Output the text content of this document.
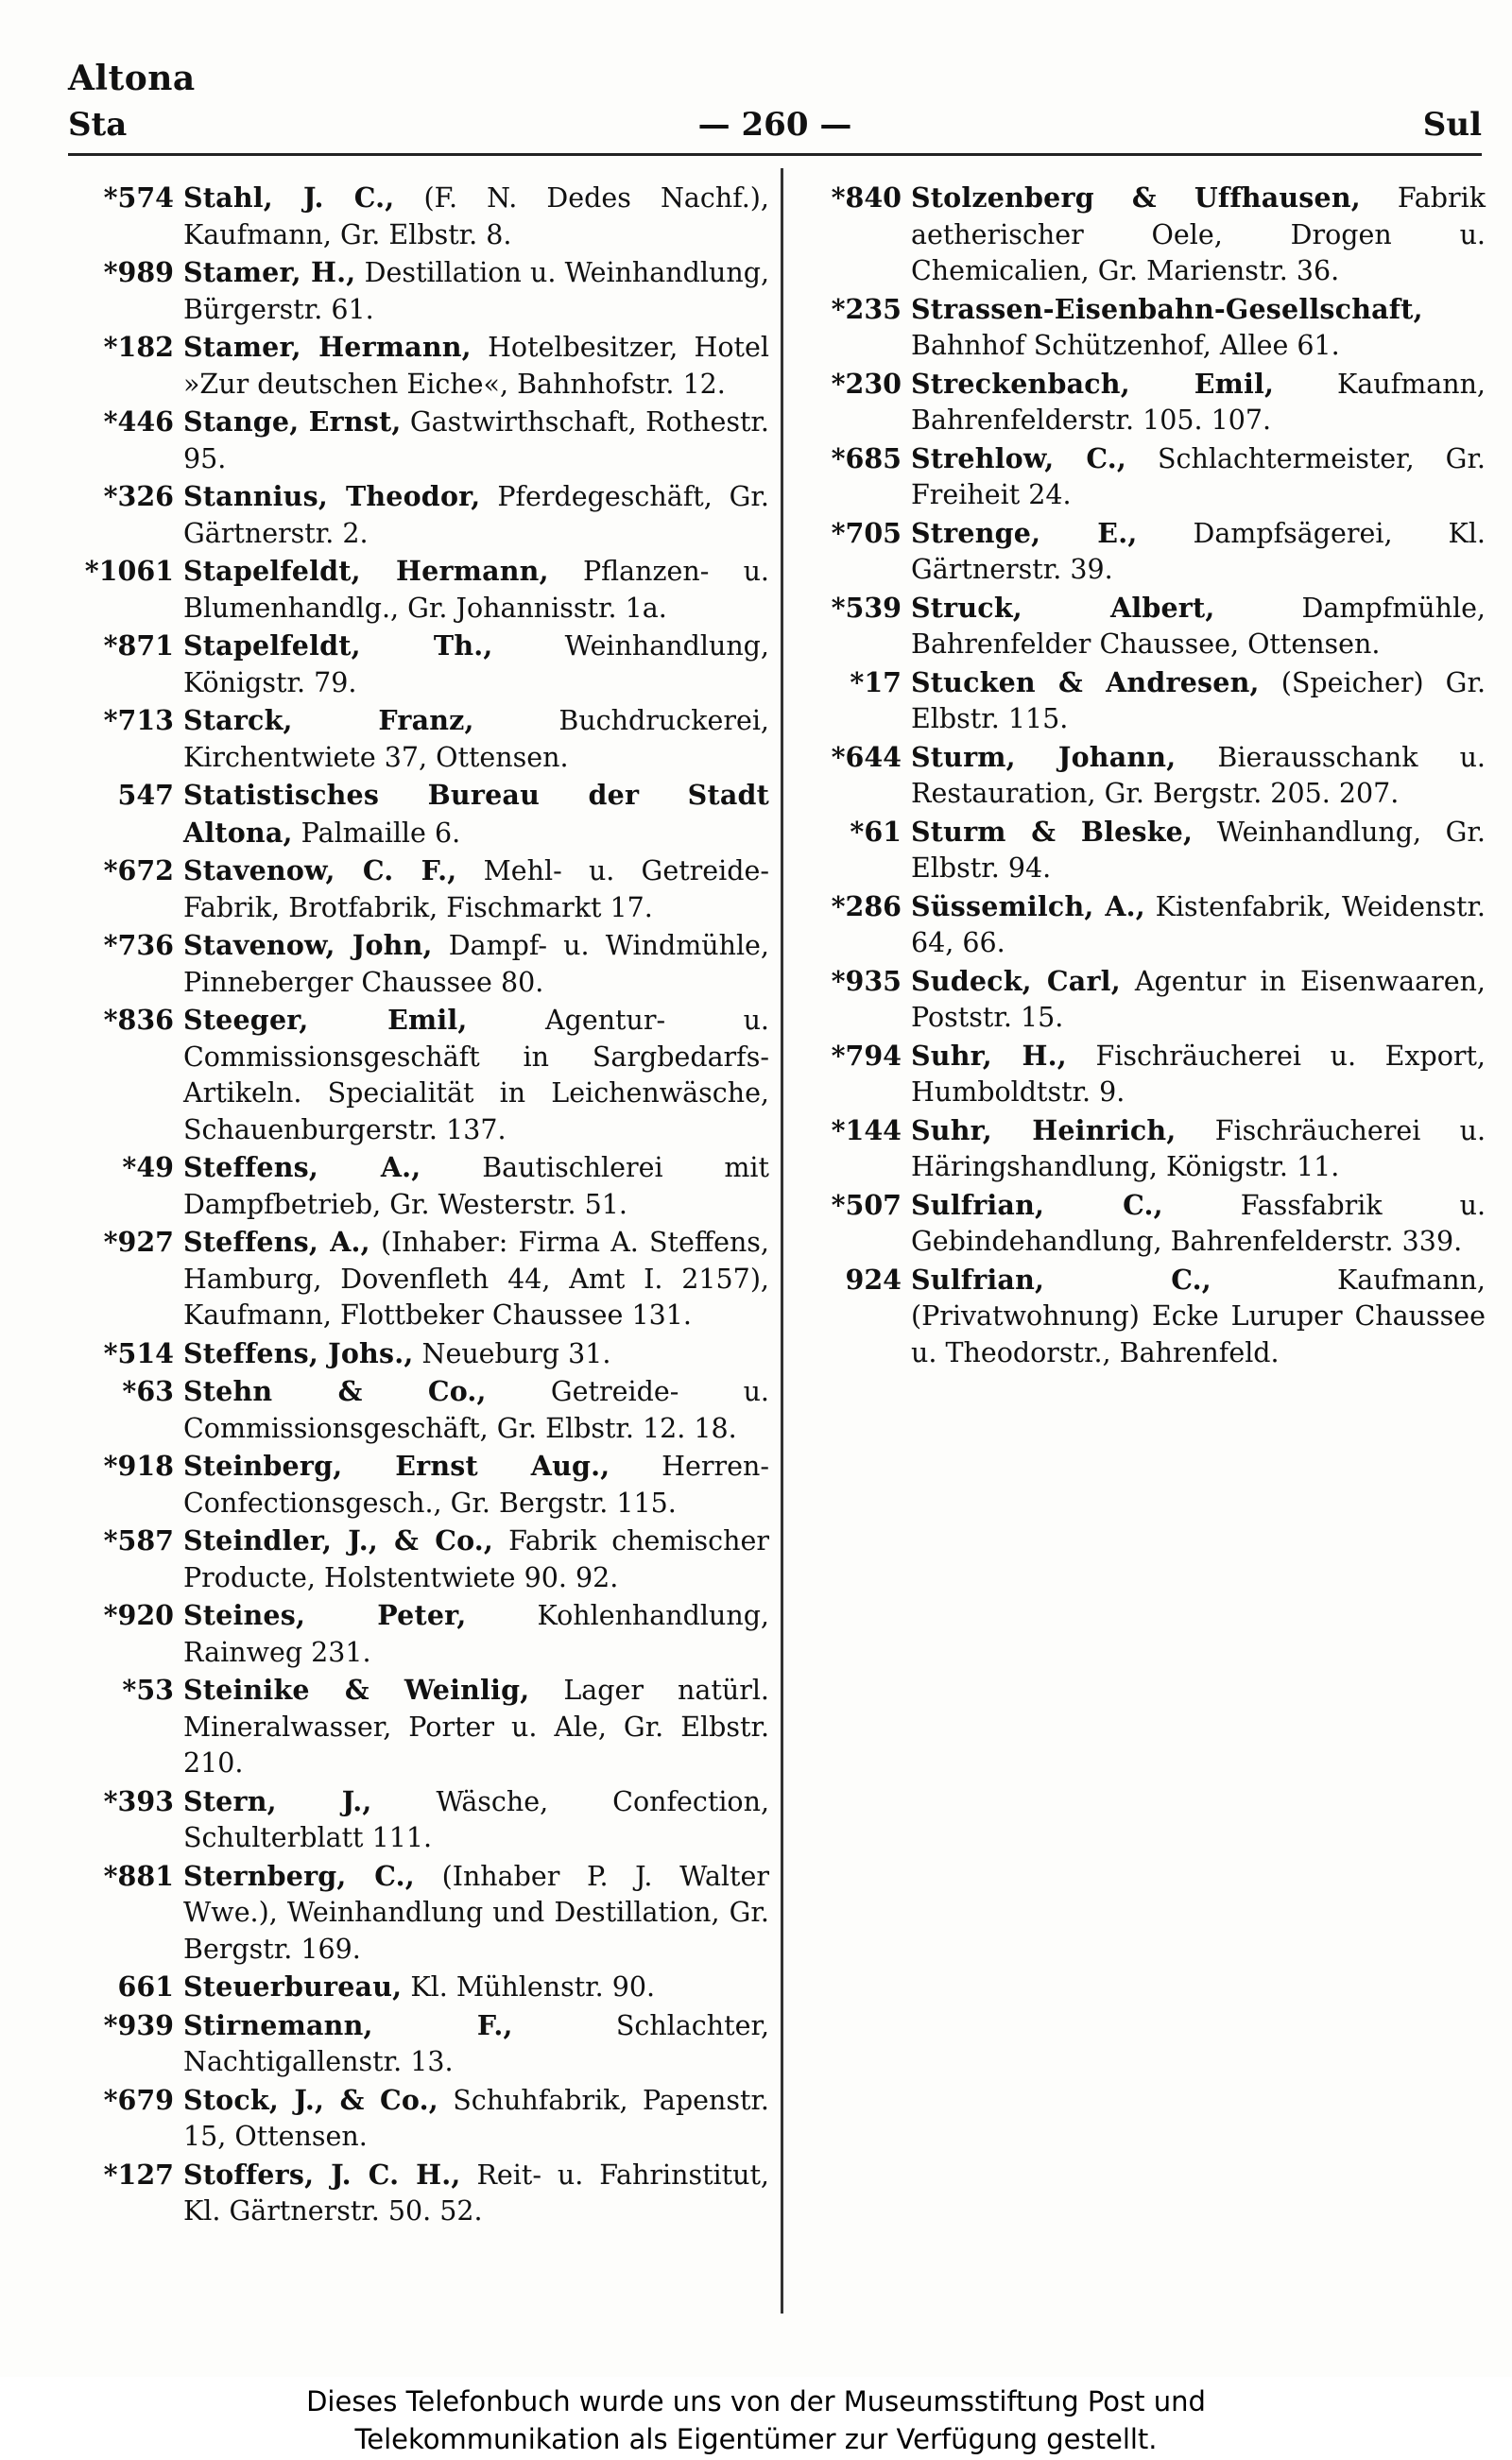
Altona
Sta	— 260 —	Sul
*574 Stahl, J. C., (F. N. Dedes Nachf.), Kaufmann, Gr. Elbstr. 8.
*989 Stamer, H., Destillation u. Weinhandlung, Bürgerstr. 61.
*182 Stamer, Hermann, Hotelbesitzer, Hotel »Zur deutschen Eiche«, Bahnhofstr. 12.
*446 Stange, Ernst, Gastwirthschaft, Rothestr. 95.
*326 Stannius, Theodor, Pferdegeschäft, Gr. Gärtnerstr. 2.
*1061 Stapelfeldt, Hermann, Pflanzen- u. Blumenhandlg., Gr. Johannisstr. 1a.
*871 Stapelfeldt, Th., Weinhandlung, Königstr. 79.
*713 Starck, Franz, Buchdruckerei, Kirchentwiete 37, Ottensen.
547 Statistisches Bureau der Stadt Altona, Palmaille 6.
*672 Stavenow, C. F., Mehl- u. Getreide-Fabrik, Brotfabrik, Fischmarkt 17.
*736 Stavenow, John, Dampf- u. Windmühle, Pinneberger Chaussee 80.
*836 Steeger, Emil, Agentur- u. Commissionsgeschäft in Sargbedarfs-Artikeln. Specialität in Leichenwäsche, Schauenburgerstr. 137.
*49 Steffens, A., Bautischlerei mit Dampfbetrieb, Gr. Westerstr. 51.
*927 Steffens, A., (Inhaber: Firma A. Steffens, Hamburg, Dovenfleth 44, Amt I. 2157), Kaufmann, Flottbeker Chaussee 131.
*514 Steffens, Johs., Neueburg 31.
*63 Stehn & Co., Getreide- u. Commissionsgeschäft, Gr. Elbstr. 12. 18.
*918 Steinberg, Ernst Aug., Herren-Confectionsgesch., Gr. Bergstr. 115.
*587 Steindler, J., & Co., Fabrik chemischer Producte, Holstentwiete 90. 92.
*920 Steines, Peter, Kohlenhandlung, Rainweg 231.
*53 Steinike & Weinlig, Lager natürl. Mineralwasser, Porter u. Ale, Gr. Elbstr. 210.
*393 Stern, J., Wäsche, Confection, Schulterblatt 111.
*881 Sternberg, C., (Inhaber P. J. Walter Wwe.), Weinhandlung und Destillation, Gr. Bergstr. 169.
661 Steuerbureau, Kl. Mühlenstr. 90.
*939 Stirnemann, F., Schlachter, Nachtigallenstr. 13.
*679 Stock, J., & Co., Schuhfabrik, Papenstr. 15, Ottensen.
*127 Stoffers, J. C. H., Reit- u. Fahrinstitut, Kl. Gärtnerstr. 50. 52.
*840 Stolzenberg & Uffhausen, Fabrik aetherischer Oele, Drogen u. Chemicalien, Gr. Marienstr. 36.
*235 Strassen-Eisenbahn-Gesellschaft, Bahnhof Schützenhof, Allee 61.
*230 Streckenbach, Emil, Kaufmann, Bahrenfelderstr. 105. 107.
*685 Strehlow, C., Schlachtermeister, Gr. Freiheit 24.
*705 Strenge, E., Dampfsägerei, Kl. Gärtnerstr. 39.
*539 Struck, Albert, Dampfmühle, Bahrenfelder Chaussee, Ottensen.
*17 Stucken & Andresen, (Speicher) Gr. Elbstr. 115.
*644 Sturm, Johann, Bierausschank u. Restauration, Gr. Bergstr. 205. 207.
*61 Sturm & Bleske, Weinhandlung, Gr. Elbstr. 94.
*286 Süssemilch, A., Kistenfabrik, Weidenstr. 64, 66.
*935 Sudeck, Carl, Agentur in Eisenwaaren, Poststr. 15.
*794 Suhr, H., Fischräucherei u. Export, Humboldtstr. 9.
*144 Suhr, Heinrich, Fischräucherei u. Häringshandlung, Königstr. 11.
*507 Sulfrian, C., Fassfabrik u. Gebindehandlung, Bahrenfelderstr. 339.
924 Sulfrian, C., Kaufmann, (Privatwohnung) Ecke Luruper Chaussee u. Theodorstr., Bahrenfeld.
Dieses Telefonbuch wurde uns von der Museumsstiftung Post und
Telekommunikation als Eigentümer zur Verfügung gestellt.
